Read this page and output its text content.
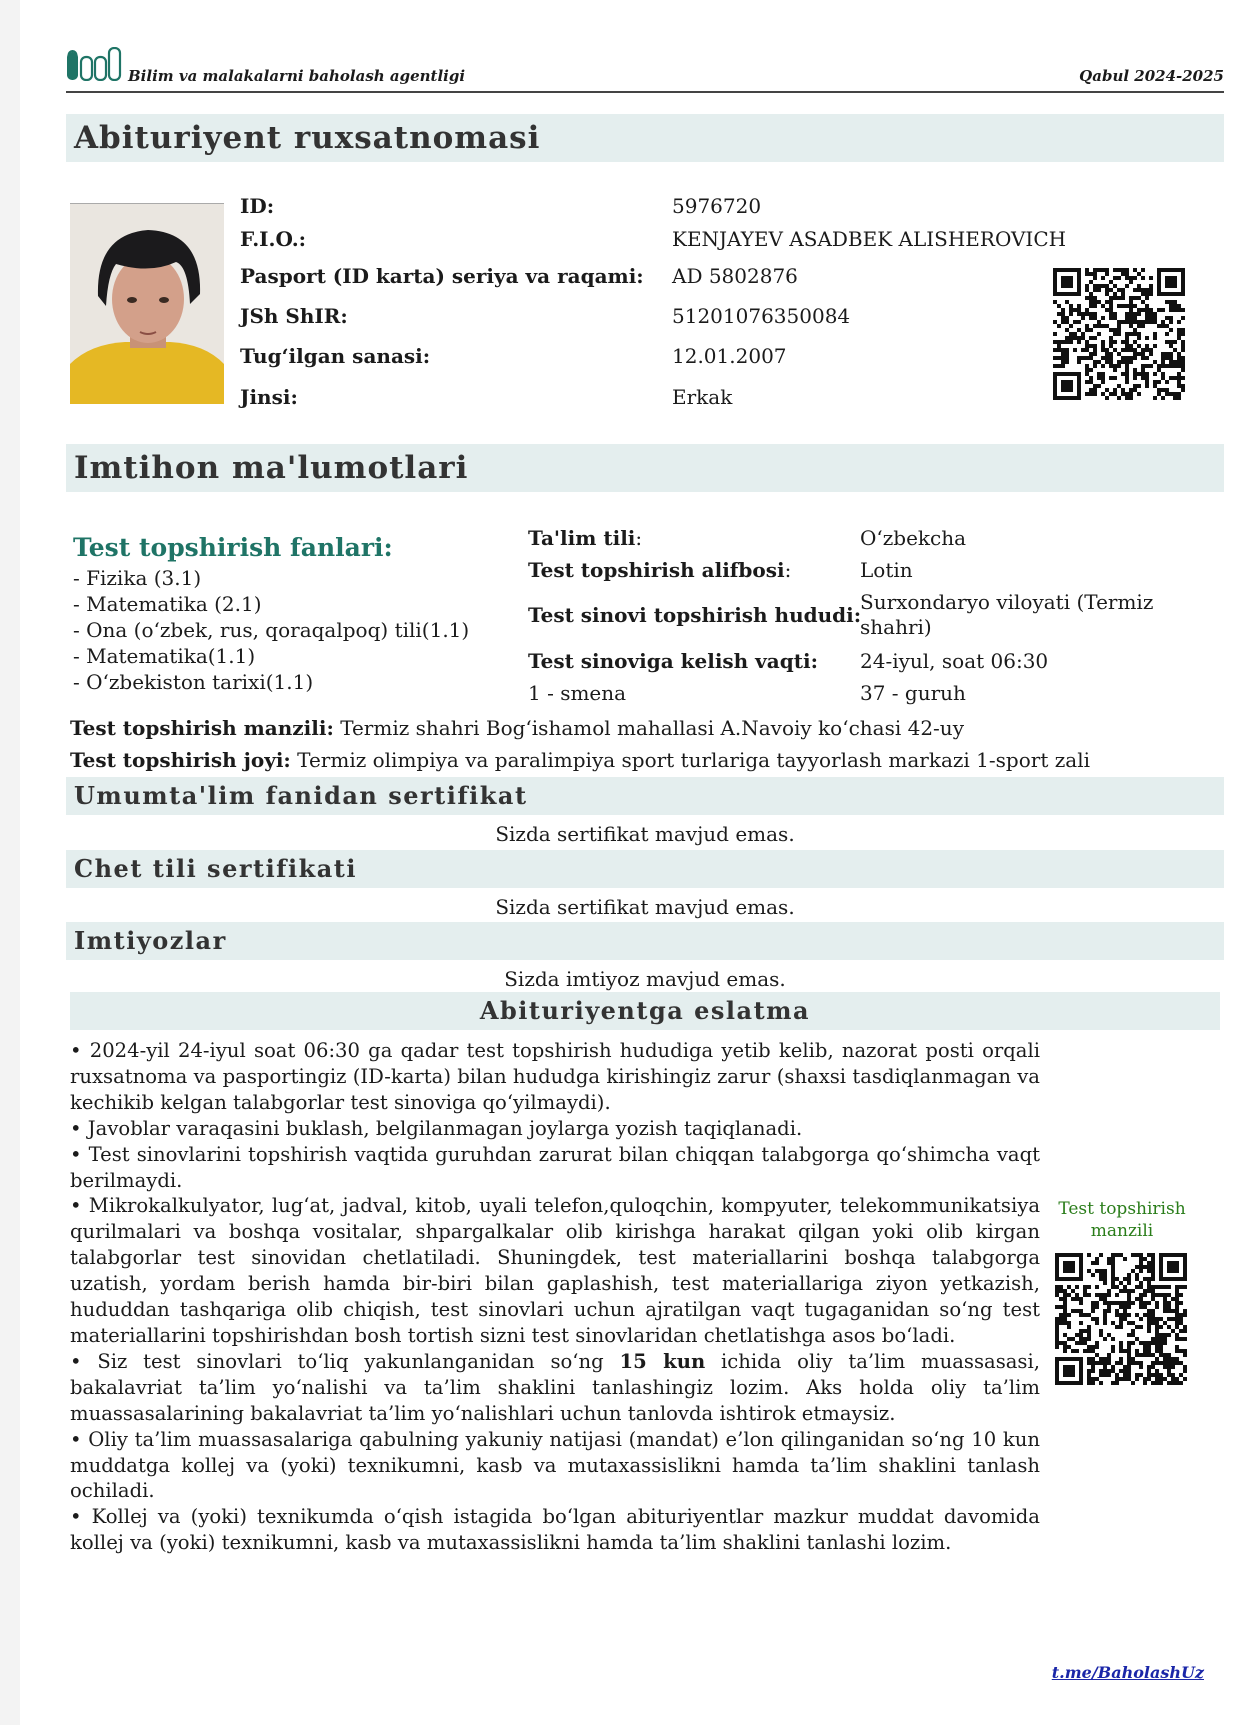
Bilim va malakalarni baholash agentligi	Qabul 2024-2025
Abituriyent ruxsatnomasi
ID:	5976720
F.I.O.:	KENJAYEV ASADBEK ALISHEROVICH
Pasport (ID karta) seriya va raqami: AD 5802876
JSh ShIR:	51201076350084
Tug‘ilgan sanasi:	12.01.2007
Jinsi:	Erkak
Imtihon ma'lumotlari
Test topshirish fanlari:
- Fizika (3.1)
- Matematika (2.1)
- Ona (o‘zbek, rus, qoraqalpoq) tili(1.1)
- Matematika(1.1)
- O‘zbekiston tarixi(1.1)
Ta'lim tili:	O‘zbekcha
Test topshirish alifbosi:	Lotin
Test sinovi topshirish hududi:
Surxondaryo viloyati (Termiz shahri)
Test sinoviga kelish vaqti: 24-iyul, soat 06:30
1 - smena	37 - guruh
Test topshirish manzili: Termiz shahri Bog‘ishamol mahallasi A.Navoiy ko‘chasi 42-uy
Test topshirish joyi: Termiz olimpiya va paralimpiya sport turlariga tayyorlash markazi 1-sport zali
Umumta'lim fanidan sertifikat
Sizda sertifikat mavjud emas.
Chet tili sertifikati
Sizda sertifikat mavjud emas.
Imtiyozlar
Sizda imtiyoz mavjud emas.
Abituriyentga eslatma

• 2024-yil 24-iyul soat 06:30 ga qadar test topshirish hududiga yetib kelib, nazorat posti orqali ruxsatnoma va pasportingiz (ID-karta) bilan hududga kirishingiz zarur (shaxsi tasdiqlanmagan va kechikib kelgan talabgorlar test sinoviga qo‘yilmaydi).

• Javoblar varaqasini buklash, belgilanmagan joylarga yozish taqiqlanadi.

• Test sinovlarini topshirish vaqtida guruhdan zarurat bilan chiqqan talabgorga qo‘shimcha vaqt berilmaydi.

• Mikrokalkulyator, lug‘at, jadval, kitob, uyali telefon,quloqchin, kompyuter, telekommunikatsiya qurilmalari va boshqa vositalar, shpargalkalar olib kirishga harakat qilgan yoki olib kirgan talabgorlar test sinovidan chetlatiladi. Shuningdek, test materiallarini boshqa talabgorga uzatish, yordam berish hamda bir-biri bilan gaplashish, test materiallariga ziyon yetkazish, hududdan tashqariga olib chiqish, test sinovlari uchun ajratilgan vaqt tugaganidan so‘ng test materiallarini topshirishdan bosh tortish sizni test sinovlaridan chetlatishga asos bo‘ladi.

• Siz test sinovlari to‘liq yakunlanganidan so‘ng 15 kun ichida oliy ta’lim muassasasi, bakalavriat ta’lim yo‘nalishi va ta’lim shaklini tanlashingiz lozim. Aks holda oliy ta’lim muassasalarining bakalavriat ta’lim yo‘nalishlari uchun tanlovda ishtirok etmaysiz.

• Oliy ta’lim muassasalariga qabulning yakuniy natijasi (mandat) e’lon qilinganidan so‘ng 10 kun muddatga kollej va (yoki) texnikumni, kasb va mutaxassislikni hamda ta’lim shaklini tanlash ochiladi.

• Kollej va (yoki) texnikumda o‘qish istagida bo‘lgan abituriyentlar mazkur muddat davomida kollej va (yoki) texnikumni, kasb va mutaxassislikni hamda ta’lim shaklini tanlashi lozim.

Test topshirish manzili
t.me/BaholashUz
